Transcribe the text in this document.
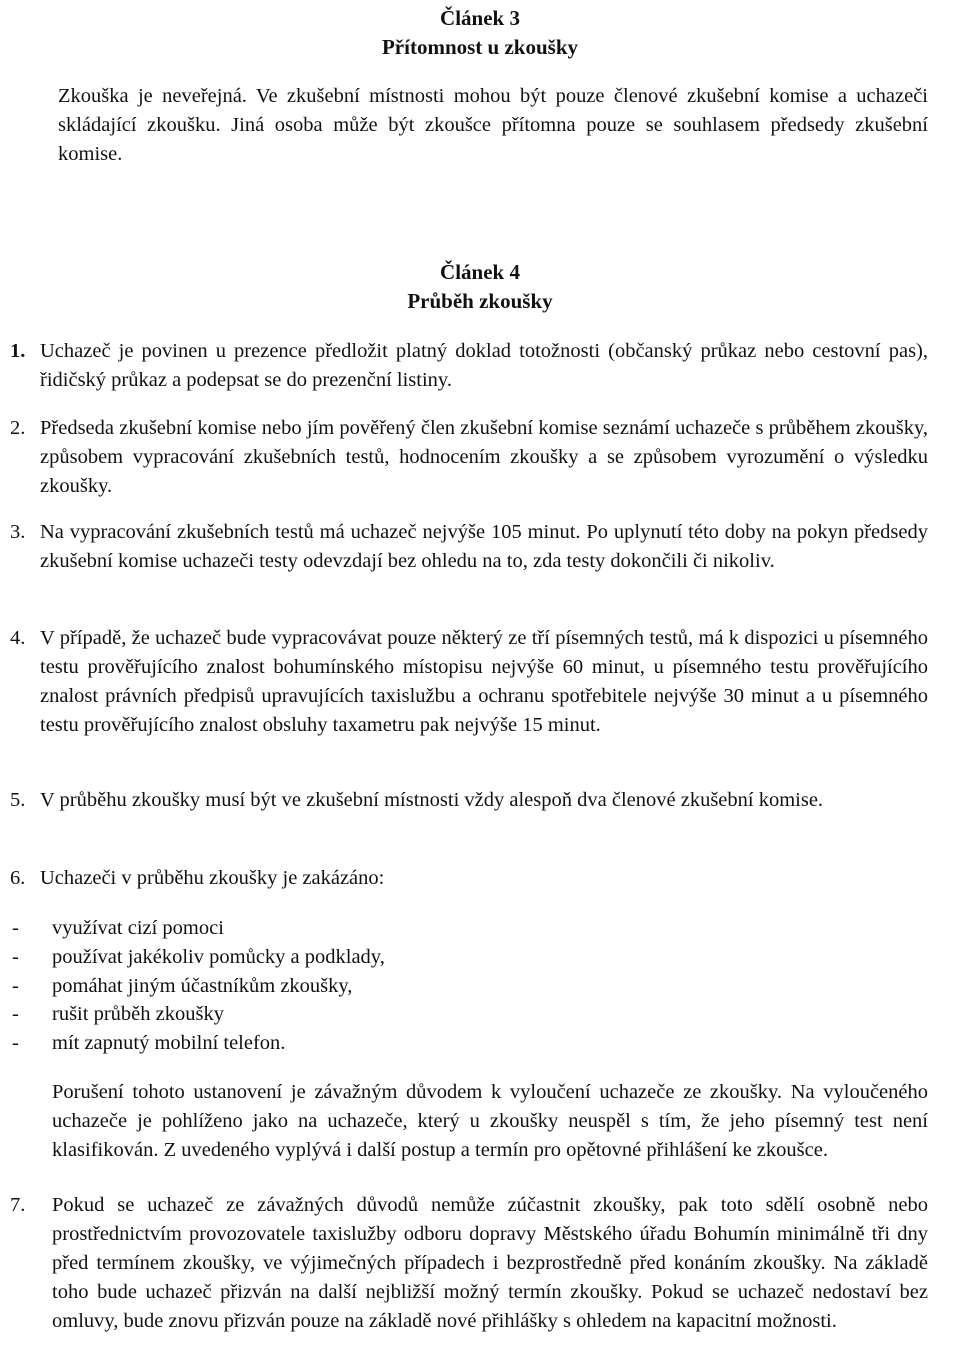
Článek 3
Přítomnost u zkoušky
Zkouška je neveřejná. Ve zkušební místnosti mohou být pouze členové zkušební komise a uchazeči skládající zkoušku. Jiná osoba může být zkoušce přítomna pouze se souhlasem předsedy zkušební komise.
Článek 4
Průběh zkoušky
1. Uchazeč je povinen u prezence předložit platný doklad totožnosti (občanský průkaz nebo cestovní pas), řidičský průkaz a podepsat se do prezenční listiny.
2. Předseda zkušební komise nebo jím pověřený člen zkušební komise seznámí uchazeče s průběhem zkoušky, způsobem vypracování zkušebních testů, hodnocením zkoušky a se způsobem vyrozumění o výsledku zkoušky.
3. Na vypracování zkušebních testů má uchazeč nejvýše 105 minut. Po uplynutí této doby na pokyn předsedy zkušební komise uchazeči testy odevzdají bez ohledu na to, zda testy dokončili či nikoliv.
4. V případě, že uchazeč bude vypracovávat pouze některý ze tří písemných testů, má k dispozici u písemného testu prověřujícího znalost bohumínského místopisu nejvýše 60 minut, u písemného testu prověřujícího znalost právních předpisů upravujících taxislužbu a ochranu spotřebitele nejvýše 30 minut a u písemného testu prověřujícího znalost obsluhy taxametru pak nejvýše 15 minut.
5. V průběhu zkoušky musí být ve zkušební místnosti vždy alespoň dva členové zkušební komise.
6. Uchazeči v průběhu zkoušky je zakázáno:
- využívat cizí pomoci
- používat jakékoliv pomůcky a podklady,
- pomáhat jiným účastníkům zkoušky,
- rušit průběh zkoušky
- mít zapnutý mobilní telefon.
Porušení tohoto ustanovení je závažným důvodem k vyloučení uchazeče ze zkoušky. Na vyloučeného uchazeče je pohlíženo jako na uchazeče, který u zkoušky neuspěl s tím, že jeho písemný test není klasifikován. Z uvedeného vyplývá i další postup a termín pro opětovné přihlášení ke zkoušce.
7. Pokud se uchazeč ze závažných důvodů nemůže zúčastnit zkoušky, pak toto sdělí osobně nebo prostřednictvím provozovatele taxislužby odboru dopravy Městského úřadu Bohumín minimálně tři dny před termínem zkoušky, ve výjimečných případech i bezprostředně před konáním zkoušky. Na základě toho bude uchazeč přizván na další nejbližší možný termín zkoušky. Pokud se uchazeč nedostaví bez omluvy, bude znovu přizván pouze na základě nové přihlášky s ohledem na kapacitní možnosti.
